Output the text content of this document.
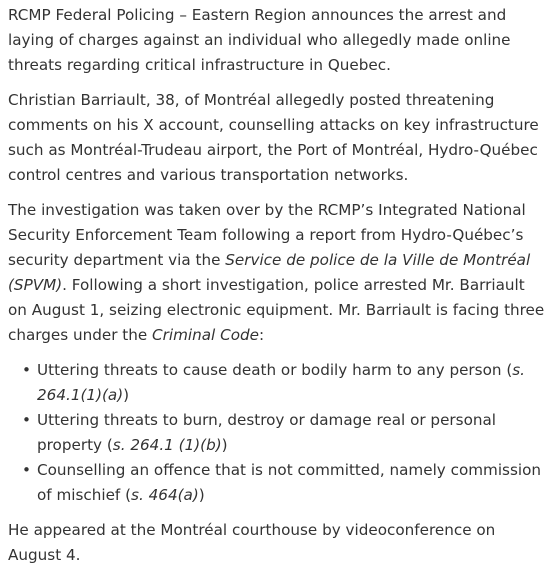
RCMP Federal Policing – Eastern Region announces the arrest and laying of charges against an individual who allegedly made online threats regarding critical infrastructure in Quebec.

Christian Barriault, 38, of Montréal allegedly posted threatening comments on his X account, counselling attacks on key infrastructure such as Montréal-Trudeau airport, the Port of Montréal, Hydro-Québec control centres and various transportation networks.

The investigation was taken over by the RCMP’s Integrated National Security Enforcement Team following a report from Hydro-Québec’s security department via the Service de police de la Ville de Montréal (SPVM). Following a short investigation, police arrested Mr. Barriault on August 1, seizing electronic equipment. Mr. Barriault is facing three charges under the Criminal Code:

• Uttering threats to cause death or bodily harm to any person (s. 264.1(1)(a))
• Uttering threats to burn, destroy or damage real or personal property (s. 264.1 (1)(b))
• Counselling an offence that is not committed, namely commission of mischief (s. 464(a))

He appeared at the Montréal courthouse by videoconference on August 4.
